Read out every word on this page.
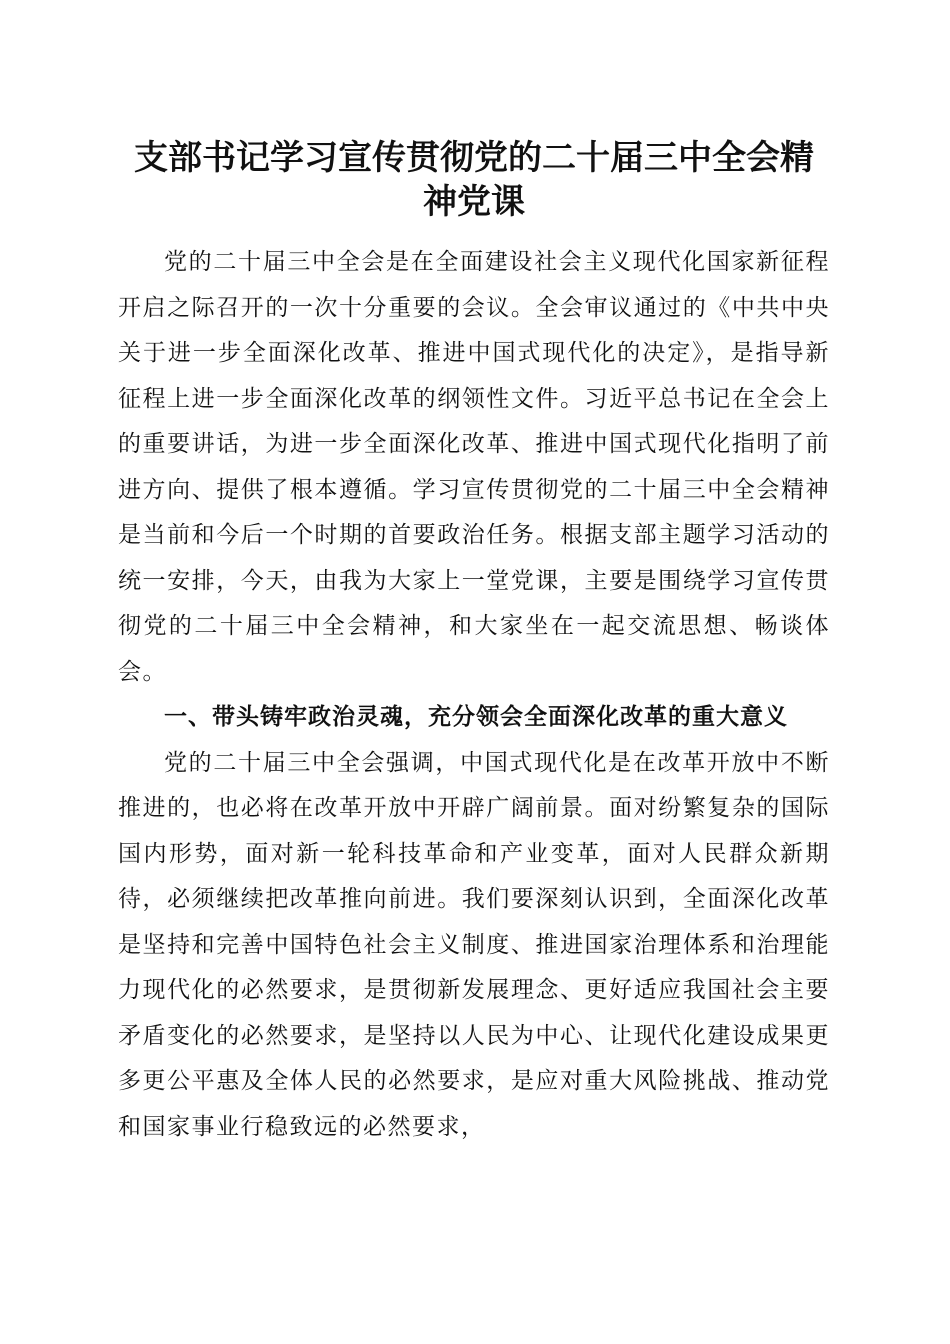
支部书记学习宣传贯彻党的二十届三中全会精神党课

党的二十届三中全会是在全面建设社会主义现代化国家新征程开启之际召开的一次十分重要的会议。全会审议通过的《中共中央关于进一步全面深化改革、推进中国式现代化的决定》，是指导新征程上进一步全面深化改革的纲领性文件。习近平总书记在全会上的重要讲话，为进一步全面深化改革、推进中国式现代化指明了前进方向、提供了根本遵循。学习宣传贯彻党的二十届三中全会精神是当前和今后一个时期的首要政治任务。根据支部主题学习活动的统一安排，今天，由我为大家上一堂党课，主要是围绕学习宣传贯彻党的二十届三中全会精神，和大家坐在一起交流思想、畅谈体会。

一、带头铸牢政治灵魂，充分领会全面深化改革的重大意义

党的二十届三中全会强调，中国式现代化是在改革开放中不断推进的，也必将在改革开放中开辟广阔前景。面对纷繁复杂的国际国内形势，面对新一轮科技革命和产业变革，面对人民群众新期待，必须继续把改革推向前进。我们要深刻认识到，全面深化改革是坚持和完善中国特色社会主义制度、推进国家治理体系和治理能力现代化的必然要求，是贯彻新发展理念、更好适应我国社会主要矛盾变化的必然要求，是坚持以人民为中心、让现代化建设成果更多更公平惠及全体人民的必然要求，是应对重大风险挑战、推动党和国家事业行稳致远的必然要求，
